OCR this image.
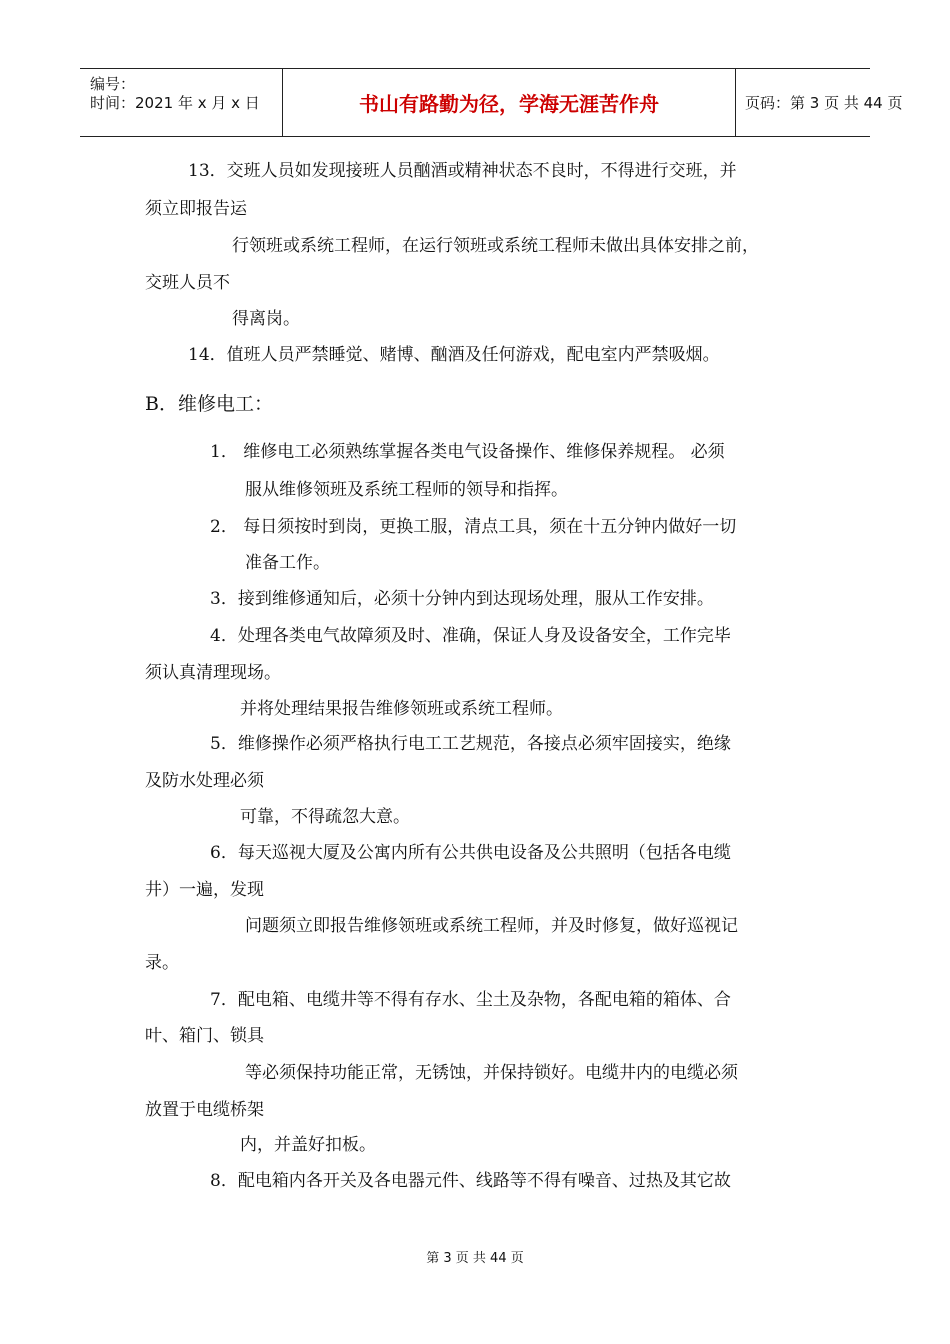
编号：
时间：2021 年 x 月 x 日	书山有路勤为径，学海无涯苦作舟	页码：第 3 页 共 44 页
13．交班人员如发现接班人员酗酒或精神状态不良时，不得进行交班，并
须立即报告运
行领班或系统工程师，在运行领班或系统工程师未做出具体安排之前，
交班人员不
得离岗。
14．值班人员严禁睡觉、赌博、酗酒及任何游戏，配电室内严禁吸烟。
B．维修电工：
1． 维修电工必须熟练掌握各类电气设备操作、维修保养规程。 必须
服从维修领班及系统工程师的领导和指挥。
2． 每日须按时到岗，更换工服，清点工具，须在十五分钟内做好一切
准备工作。
3．接到维修通知后，必须十分钟内到达现场处理，服从工作安排。
4．处理各类电气故障须及时、准确，保证人身及设备安全，工作完毕
须认真清理现场。
并将处理结果报告维修领班或系统工程师。
5．维修操作必须严格执行电工工艺规范，各接点必须牢固接实，绝缘
及防水处理必须
可靠，不得疏忽大意。
6．每天巡视大厦及公寓内所有公共供电设备及公共照明（包括各电缆
井）一遍，发现
问题须立即报告维修领班或系统工程师，并及时修复，做好巡视记
录。
7．配电箱、电缆井等不得有存水、尘土及杂物，各配电箱的箱体、合
叶、箱门、锁具
等必须保持功能正常，无锈蚀，并保持锁好。电缆井内的电缆必须
放置于电缆桥架
内，并盖好扣板。
8．配电箱内各开关及各电器元件、线路等不得有噪音、过热及其它故
第 3 页 共 44 页
